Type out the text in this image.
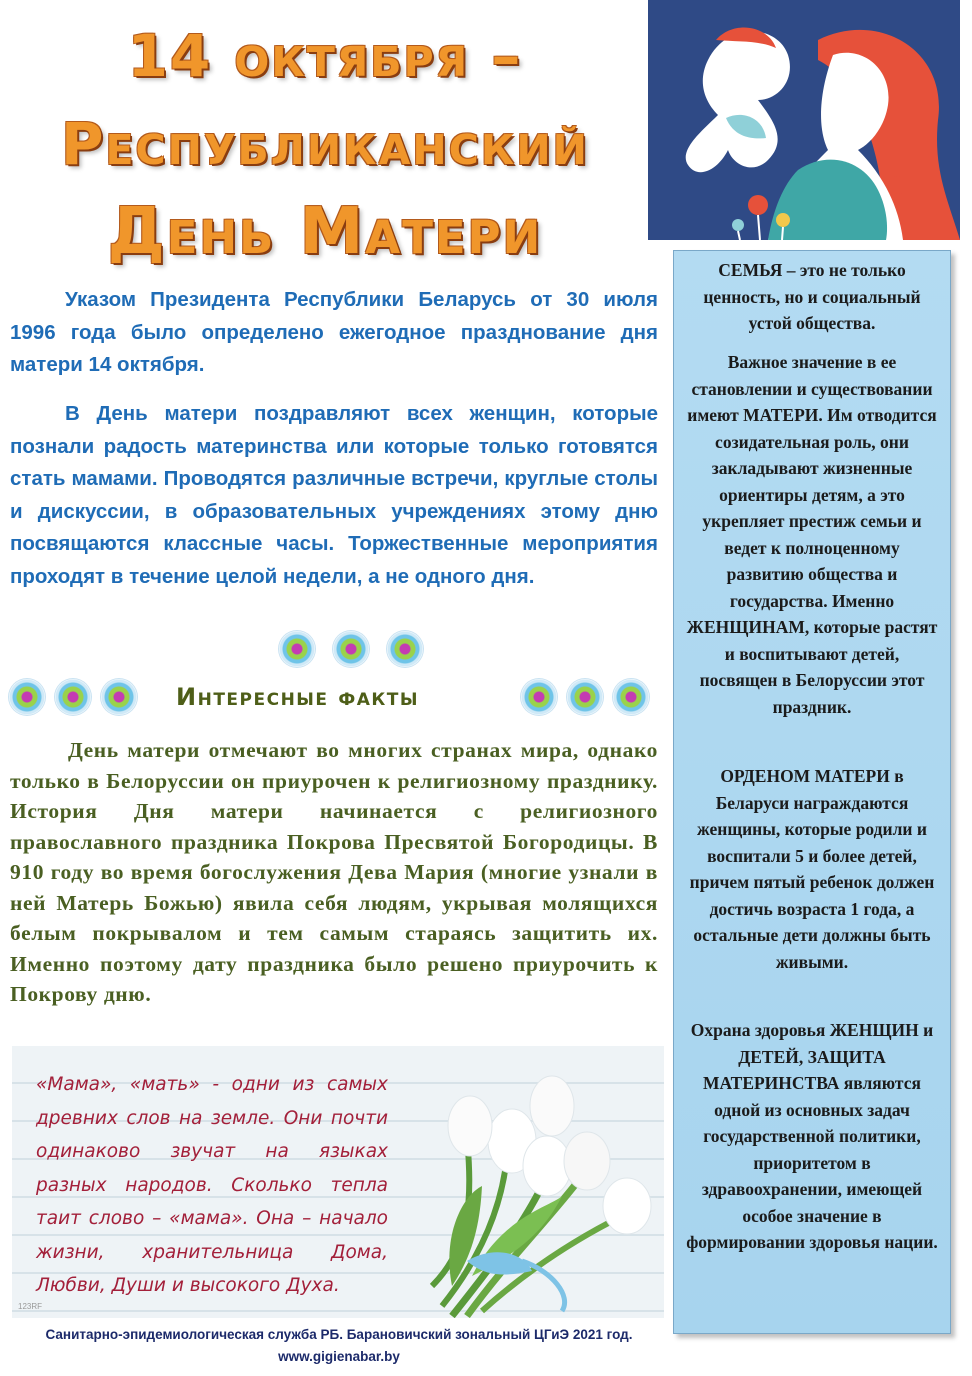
14 октября –
Республиканский
День Матери

Указом Президента Республики Беларусь от 30 июля 1996 года было определено ежегодное празднование дня матери 14 октября.

В День матери поздравляют всех женщин, которые познали радость материнства или которые только готовятся стать мамами. Проводятся различные встречи, круглые столы и дискуссии, в образовательных учреждениях этому дню посвящаются классные часы. Торжественные мероприятия проходят в течение целой недели, а не одного дня.

Интересные факты

День матери отмечают во многих странах мира, однако только в Белоруссии он приурочен к религиозному празднику. История Дня матери начинается с религиозного православного праздника Покрова Пресвятой Богородицы. В 910 году во время богослужения Дева Мария (многие узнали в ней Матерь Божью) явила себя людям, укрывая молящихся белым покрывалом и тем самым стараясь защитить их. Именно поэтому дату праздника было решено приурочить к Покрову дню.

«Мама», «мать» - одни из самых древних слов на земле. Они почти одинаково звучат на языках разных народов. Сколько тепла таит слово – «мама». Она – начало жизни, хранительница Дома, Любви, Души и высокого Духа.

123RF

Санитарно-эпидемиологическая служба РБ. Барановичский зональный ЦГиЭ 2021 год. www.gigienabar.by

СЕМЬЯ – это не только ценность, но и социальный устой общества.

Важное значение в ее становлении и существовании имеют МАТЕРИ. Им отводится созидательная роль, они закладывают жизненные ориентиры детям, а это укрепляет престиж семьи и ведет к полноценному развитию общества и государства. Именно ЖЕНЩИНАМ, которые растят и воспитывают детей, посвящен в Белоруссии этот праздник.

ОРДЕНОМ МАТЕРИ в Беларуси награждаются женщины, которые родили и воспитали 5 и более детей, причем пятый ребенок должен достичь возраста 1 года, а остальные дети должны быть живыми.

Охрана здоровья ЖЕНЩИН и ДЕТЕЙ, ЗАЩИТА МАТЕРИНСТВА являются одной из основных задач государственной политики, приоритетом в здравоохранении, имеющей особое значение в формировании здоровья нации.
